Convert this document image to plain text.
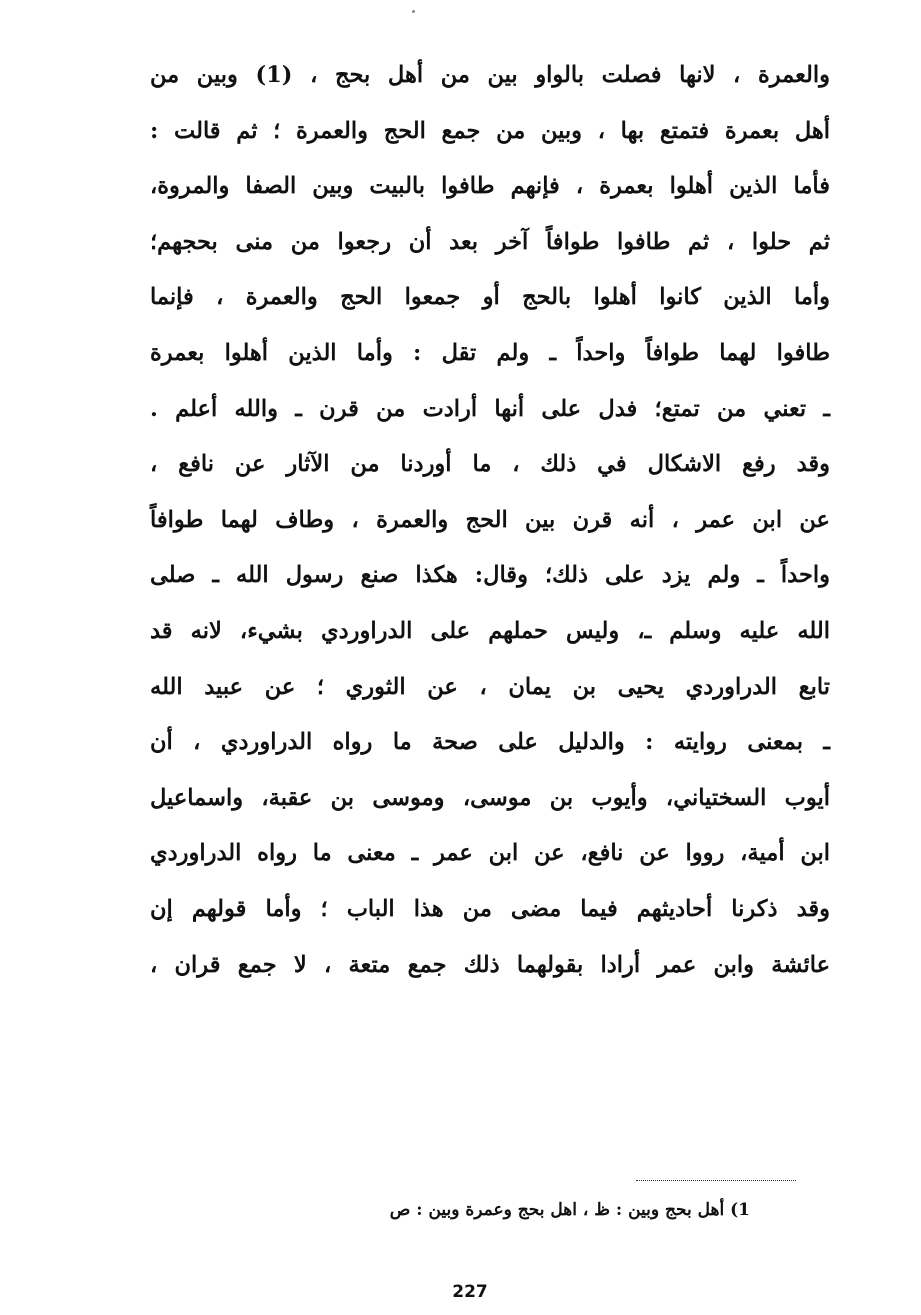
والعمرة ، لانها فصلت بالواو بين من أهل بحج ، (1) وبين من
أهل بعمرة فتمتع بها ، وبين من جمع الحج والعمرة ؛ ثم قالت :
فأما الذين أهلوا بعمرة ، فإنهم طافوا بالبيت وبين الصفا والمروة،
ثم حلوا ، ثم طافوا طوافاً آخر بعد أن رجعوا من منى بحجهم؛
وأما الذين كانوا أهلوا بالحج أو جمعوا الحج والعمرة ، فإنما
طافوا لهما طوافاً واحداً ـ ولم تقل : وأما الذين أهلوا بعمرة
ـ تعني من تمتع؛ فدل على أنها أرادت من قرن ـ والله أعلم .
وقد رفع الاشكال في ذلك ، ما أوردنا من الآثار عن نافع ،
عن ابن عمر ، أنه قرن بين الحج والعمرة ، وطاف لهما طوافاً
واحداً ـ ولم يزد على ذلك؛ وقال: هكذا صنع رسول الله ـ صلى
الله عليه وسلم ـ، وليس حملهم على الدراوردي بشيء، لانه قد
تابع الدراوردي يحيى بن يمان ، عن الثوري ؛ عن عبيد الله
ـ بمعنى روايته : والدليل على صحة ما رواه الدراوردي ، أن
أيوب السختياني، وأيوب بن موسى، وموسى بن عقبة، واسماعيل
ابن أمية، رووا عن نافع، عن ابن عمر ـ معنى ما رواه الدراوردي
وقد ذكرنا أحاديثهم فيما مضى من هذا الباب ؛ وأما قولهم إن
عائشة وابن عمر أرادا بقولهما ذلك جمع متعة ، لا جمع قران ،
1) أهل بحج وبين : ظ ، اهل بحج وعمرة وبين : ص
227
